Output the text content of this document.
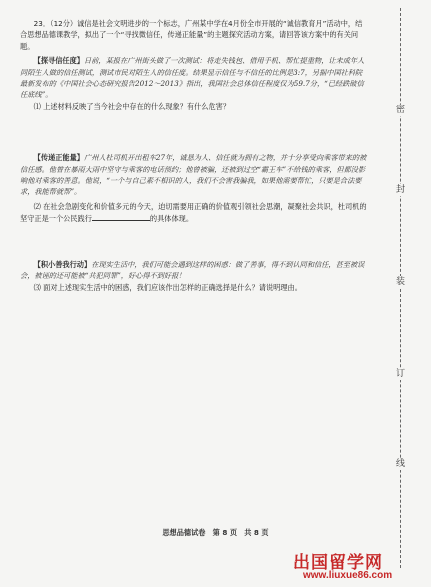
23．（12分）诚信是社会文明进步的一个标志，广州某中学在4月份全市开展的“诚信教育月”活动中，结合思想品德课教学，拟出了一个“寻找微信任，传递正能量”的主题探究活动方案，请回答该方案中的有关问题。

【探寻信任度】日前，某报在广州街头做了一次测试：将走失钱包、借用手机、帮忙提重物，让未成年人同陌生人做的信任测试，测试市民对陌生人的信任度。结果显示信任与不信任的比例是3:7，另据中国社科院最新发布的《中国社会心态研究报告2012～2013》指出，我国社会总体信任程度仅为59.7分，“已经跌破信任底线”。

⑴ 上述材料反映了当今社会中存在的什么现象？有什么危害？

【传递正能量】广州人杜司机开出租车27年，诚恳为人、信任就为拥有之物，并十分享受向乘客带来的被信任感。他曾在暴雨大雨中坚守与乘客的电话预约；他曾被骗，还被到过空“霸王车”不给钱的乘客，但都没影响他对乘客的善意。他说，“一个与自己素不相识的人，我们不会害我骗我，如果他需要帮忙，只要是合法要求，我能帮就帮”。

⑵ 在社会急剧变化和价值多元的今天，迫切需要用正确的价值观引领社会思潮，凝聚社会共识，杜司机的坚守正是一个公民践行	的具体体现。

【积小善我行动】在现实生活中，我们可能会遇到这样的困惑：做了善事，得不到认同和信任，甚至被误会，被诬的还可能被“共犯同罪”，好心得不到好报！

⑶ 面对上述现实生活中的困惑，我们应该作出怎样的正确选择是什么？请说明理由。

密
封
装
订
线
思想品德试卷　第 8 页　共 8 页
出国留学网
www.liuxue86.com
